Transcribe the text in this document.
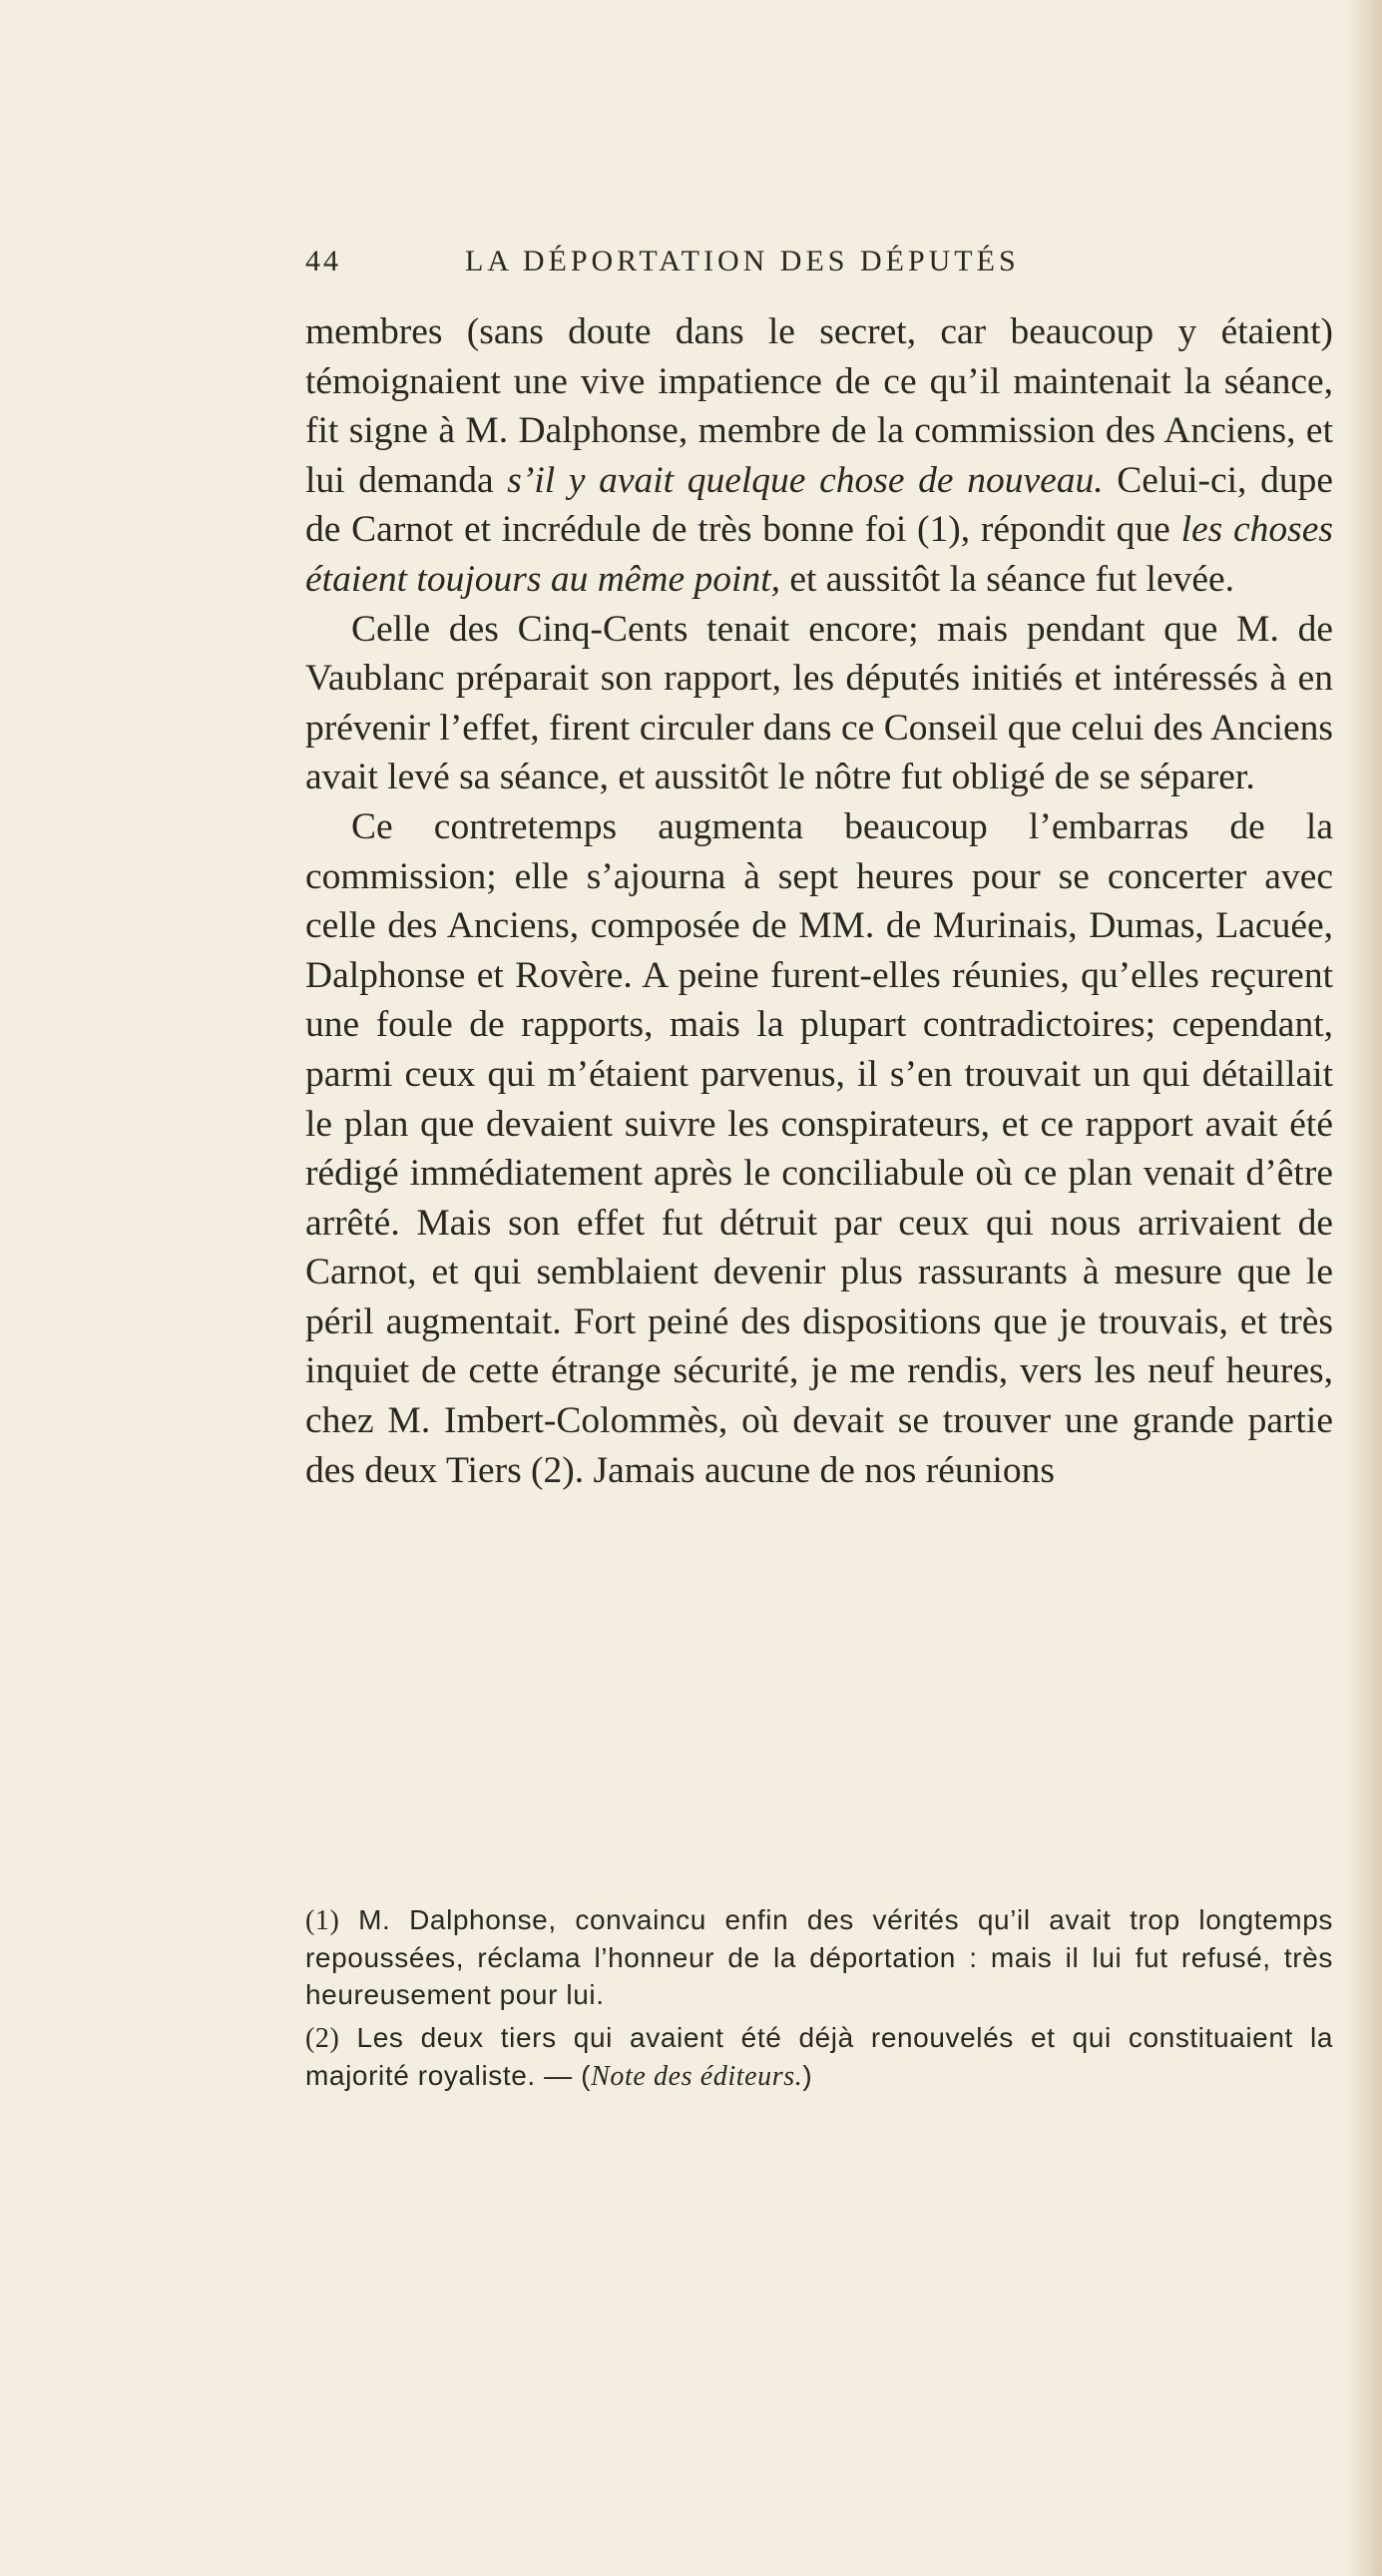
44	LA DÉPORTATION DES DÉPUTÉS

membres (sans doute dans le secret, car beaucoup y étaient) témoignaient une vive impatience de ce qu’il maintenait la séance, fit signe à M. Dalphonse, membre de la commission des Anciens, et lui demanda s’il y avait quelque chose de nouveau. Celui-ci, dupe de Carnot et incrédule de très bonne foi (1), répondit que les choses étaient toujours au même point, et aussitôt la séance fut levée.

Celle des Cinq-Cents tenait encore; mais pendant que M. de Vaublanc préparait son rapport, les députés initiés et intéressés à en prévenir l’effet, firent circuler dans ce Conseil que celui des Anciens avait levé sa séance, et aussitôt le nôtre fut obligé de se séparer.

Ce contretemps augmenta beaucoup l’embarras de la commission; elle s’ajourna à sept heures pour se concerter avec celle des Anciens, composée de MM. de Murinais, Dumas, Lacuée, Dalphonse et Rovère. A peine furent-elles réunies, qu’elles reçurent une foule de rapports, mais la plupart contradictoires; cependant, parmi ceux qui m’étaient parvenus, il s’en trouvait un qui détaillait le plan que devaient suivre les conspirateurs, et ce rapport avait été rédigé immédiatement après le conciliabule où ce plan venait d’être arrêté. Mais son effet fut détruit par ceux qui nous arrivaient de Carnot, et qui semblaient devenir plus rassurants à mesure que le péril augmentait. Fort peiné des dispositions que je trouvais, et très inquiet de cette étrange sécurité, je me rendis, vers les neuf heures, chez M. Imbert-Colommès, où devait se trouver une grande partie des deux Tiers (2). Jamais aucune de nos réunions

(1) M. Dalphonse, convaincu enfin des vérités qu’il avait trop longtemps repoussées, réclama l’honneur de la déportation : mais il lui fut refusé, très heureusement pour lui.

(2) Les deux tiers qui avaient été déjà renouvelés et qui constituaient la majorité royaliste. — (Note des éditeurs.)
